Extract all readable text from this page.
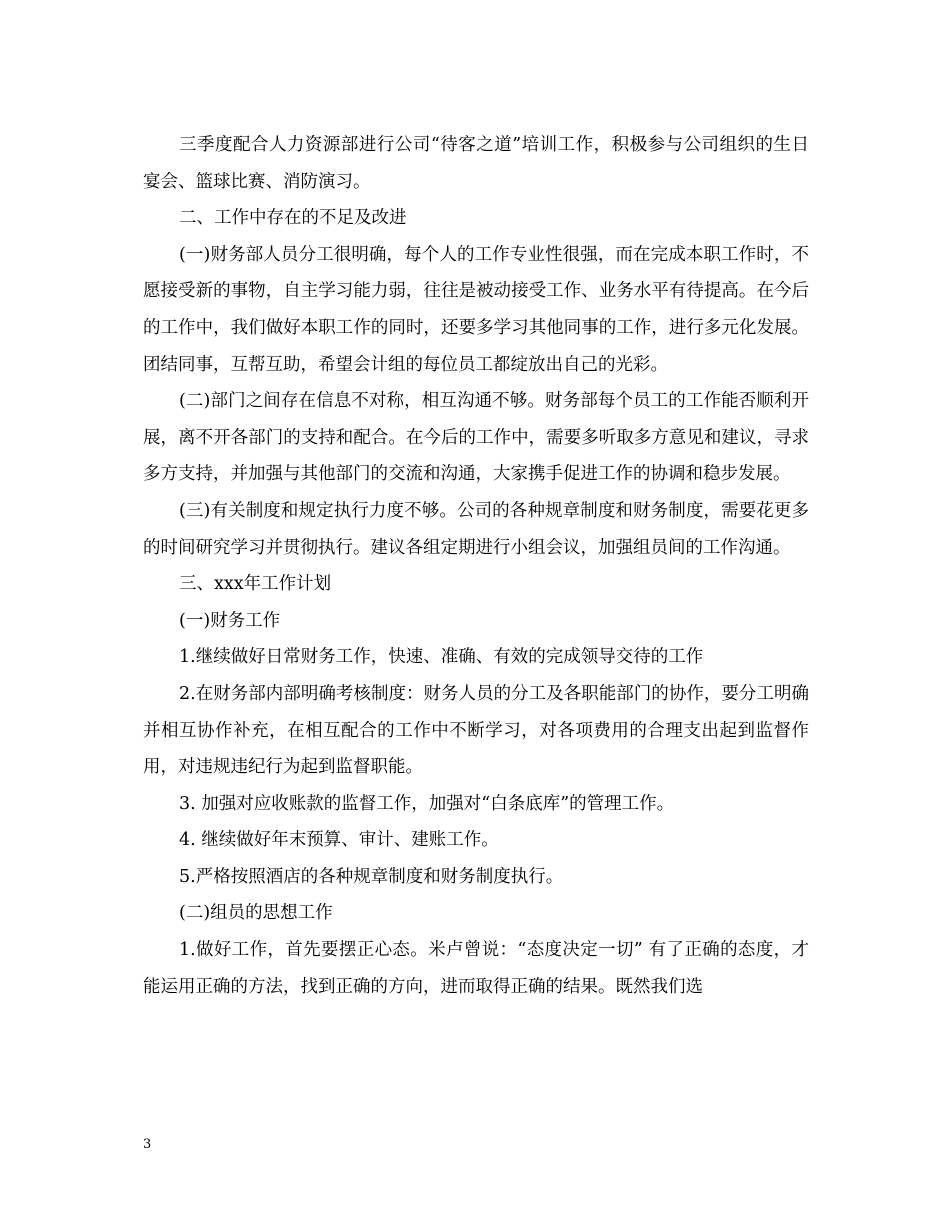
三季度配合人力资源部进行公司“待客之道”培训工作，积极参与公司组织的生日宴会、篮球比赛、消防演习。

二、工作中存在的不足及改进

(一)财务部人员分工很明确，每个人的工作专业性很强，而在完成本职工作时，不愿接受新的事物，自主学习能力弱，往往是被动接受工作、业务水平有待提高。在今后的工作中，我们做好本职工作的同时，还要多学习其他同事的工作，进行多元化发展。团结同事，互帮互助，希望会计组的每位员工都绽放出自己的光彩。

(二)部门之间存在信息不对称，相互沟通不够。财务部每个员工的工作能否顺利开展，离不开各部门的支持和配合。在今后的工作中，需要多听取多方意见和建议，寻求多方支持，并加强与其他部门的交流和沟通，大家携手促进工作的协调和稳步发展。

(三)有关制度和规定执行力度不够。公司的各种规章制度和财务制度，需要花更多的时间研究学习并贯彻执行。建议各组定期进行小组会议，加强组员间的工作沟通。

三、xxx年工作计划

(一)财务工作

1.继续做好日常财务工作，快速、准确、有效的完成领导交待的工作

2.在财务部内部明确考核制度：财务人员的分工及各职能部门的协作，要分工明确并相互协作补充，在相互配合的工作中不断学习，对各项费用的合理支出起到监督作用，对违规违纪行为起到监督职能。

3. 加强对应收账款的监督工作，加强对“白条底库”的管理工作。

4. 继续做好年末预算、审计、建账工作。

5.严格按照酒店的各种规章制度和财务制度执行。

(二)组员的思想工作

1.做好工作，首先要摆正心态。米卢曾说：“态度决定一切” 有了正确的态度，才能运用正确的方法，找到正确的方向，进而取得正确的结果。既然我们选

3
